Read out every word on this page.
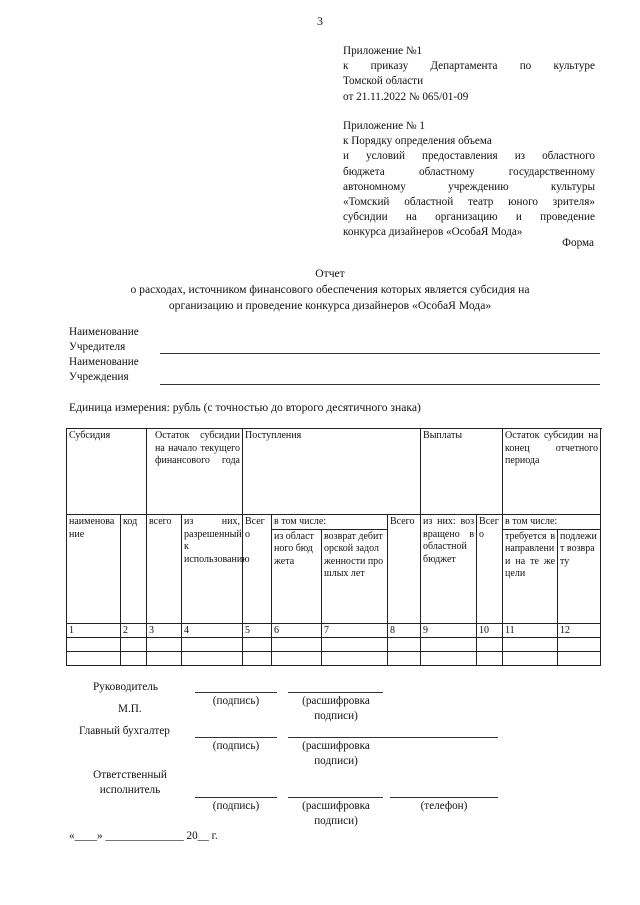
3
Приложение №1
к приказу Департамента по культуре
Томской области
от 21.11.2022 № 065/01-09
Приложение № 1
к Порядку определения объема
и условий предоставления из областного
бюджета областному государственному
автономному учреждению культуры
«Томский областной театр юного зрителя»
субсидии на организацию и проведение
конкурса дизайнеров «ОсобаЯ Мода»
Форма
Отчет
о расходах, источником финансового обеспечения которых является субсидия на
организацию и проведение конкурса дизайнеров «ОсобаЯ Мода»
Наименование
Учредителя
Наименование
Учреждения
Единица измерения: рубль (с точностью до второго десятичного знака)
Субсидия		Остаток субсидии на начало текущего финансового года		Поступления				Выплаты		Остаток субсидии на конец отчетного периода	
наименование	код	всего	из них, разрешенный к использованию	Всего	в том числе:		Всего	из них: возвращено в областной бюджет	Всего	в том числе:	
					из областного бюджета	возврат дебиторской задолженности прошлых лет				требуется в направлении на те же цели	подлежит возврату
1	2	3	4	5	6	7	8	9	10	11	12

Руководитель
(подпись)	(расшифровка
подписи)
М.П.
Главный бухгалтер
(подпись)	(расшифровка
подписи)
Ответственный
исполнитель
(подпись)	(расшифровка
подписи)
(телефон)
«____» ______________ 20__ г.
